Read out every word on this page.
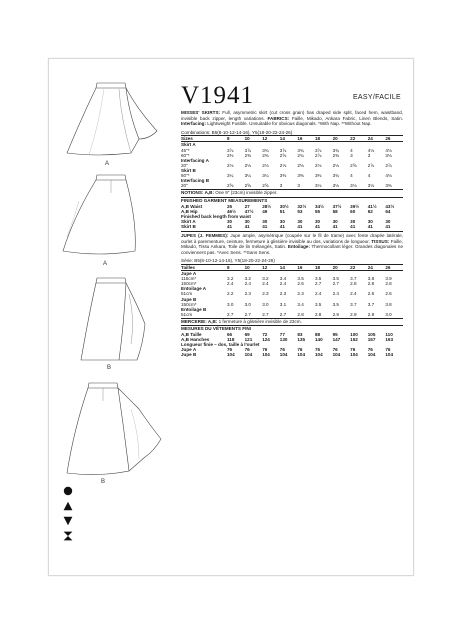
A
A
B
B
V1941	EASY/FACILE
MISSES' SKIRTS: Full, asymmetric skirt (cut cross grain) has draped side split, faced hem, waistband, invisible back zipper, length variations. FABRICS: Faille, Mikado, Ankara Fabric, Linen Blends, Satin. Interfacing: Lightweight Fusible. Unsuitable for obvious diagonals. *With Nap. **Without Nap.
Combinations: B5(8-10-12-14-16), Y5(18-20-22-24-26)
Sizes	8	10	12	14	16	18	20	22	24	26
Skirt A										
45"*	3⅞	3⅞	3¾	3⅞	3¾	3⅞	3¾	4	4⅛	4⅛
60"*	2⅜	2⅜	2⅜	2⅝	2¾	2⅞	2⅜	3	3	3⅛
Interfacing A										
20"	2⅛	2⅛	2⅛	2⅛	2⅛	2⅛	2⅛	2⅝	2⅞	2⅞
Skirt B										
60"*	3¼	3¼	3¼	3⅜	3⅜	3⅜	3¾	4	4	4⅛
Interfacing B										
20"	2⅝	2⅝	2⅝	3	3	3⅛	3⅛	3⅛	3⅛	3⅜
NOTIONS: A,B: One 9" (23cm) invisible zipper.
FINISHED GARMENT MEASUREMENTS
A,B Waist	26	27	28½	30½	32½	34½	37½	39½	41½	43½
A,B Hip	46½	47½	49	51	53	55	58	60	62	64
Finished back length from waist										
Skirt A	30	30	30	30	30	30	30	30	30	30
Skirt B	41	41	41	41	41	41	41	41	41	41
JUPES (J. FEMMES): Jupe ample, asymétrique (coupée sur le fil de trame) avec fente drapée latérale, ourlet à parementure, ceinture, fermeture à glissière invisible au dos, variations de longueur. TISSUS: Faille, Mikado, Tissu Ankara, Toile de lin mélangés, Satin. Entoilage: Thermocollant léger. Grandes diagonales ne conviennent pas. *Avec Sens. **Sans Sens.
Série: B5(8-10-12-14-16), Y5(18-20-22-24-26)
Tailles	8	10	12	14	16	18	20	22	24	26
Jupe A										
115cm*	3.2	3.2	3.2	3.4	3.5	3.5	3.5	3.7	3.8	3.9
150cm*	2.4	2.4	2.4	2.4	2.6	2.7	2.7	2.8	2.8	2.8
Entoilage A										
51cm	2.2	2.3	2.3	2.3	2.3	2.4	2.4	2.4	2.6	2.6
Jupe B										
150cm*	3.0	3.0	3.0	3.1	3.4	3.5	3.5	3.7	3.7	3.8
Entoilage B										
51cm	2.7	2.7	2.7	2.7	2.8	2.8	2.9	2.9	2.9	3.0
MERCERIE: A,B: 1 fermeture à glissière invisible de 23cm.
MESURES DU VÊTEMENTS FINI
A,B Taille	66	69	72	77	83	88	95	100	105	110
A,B Hanches	118	121	124	130	135	140	147	152	157	163
Longueur finie – dos, taille à l'ourlet										
Jupe A	76	76	76	76	76	76	76	76	76	76
Jupe B	104	104	104	104	104	104	104	104	104	104
